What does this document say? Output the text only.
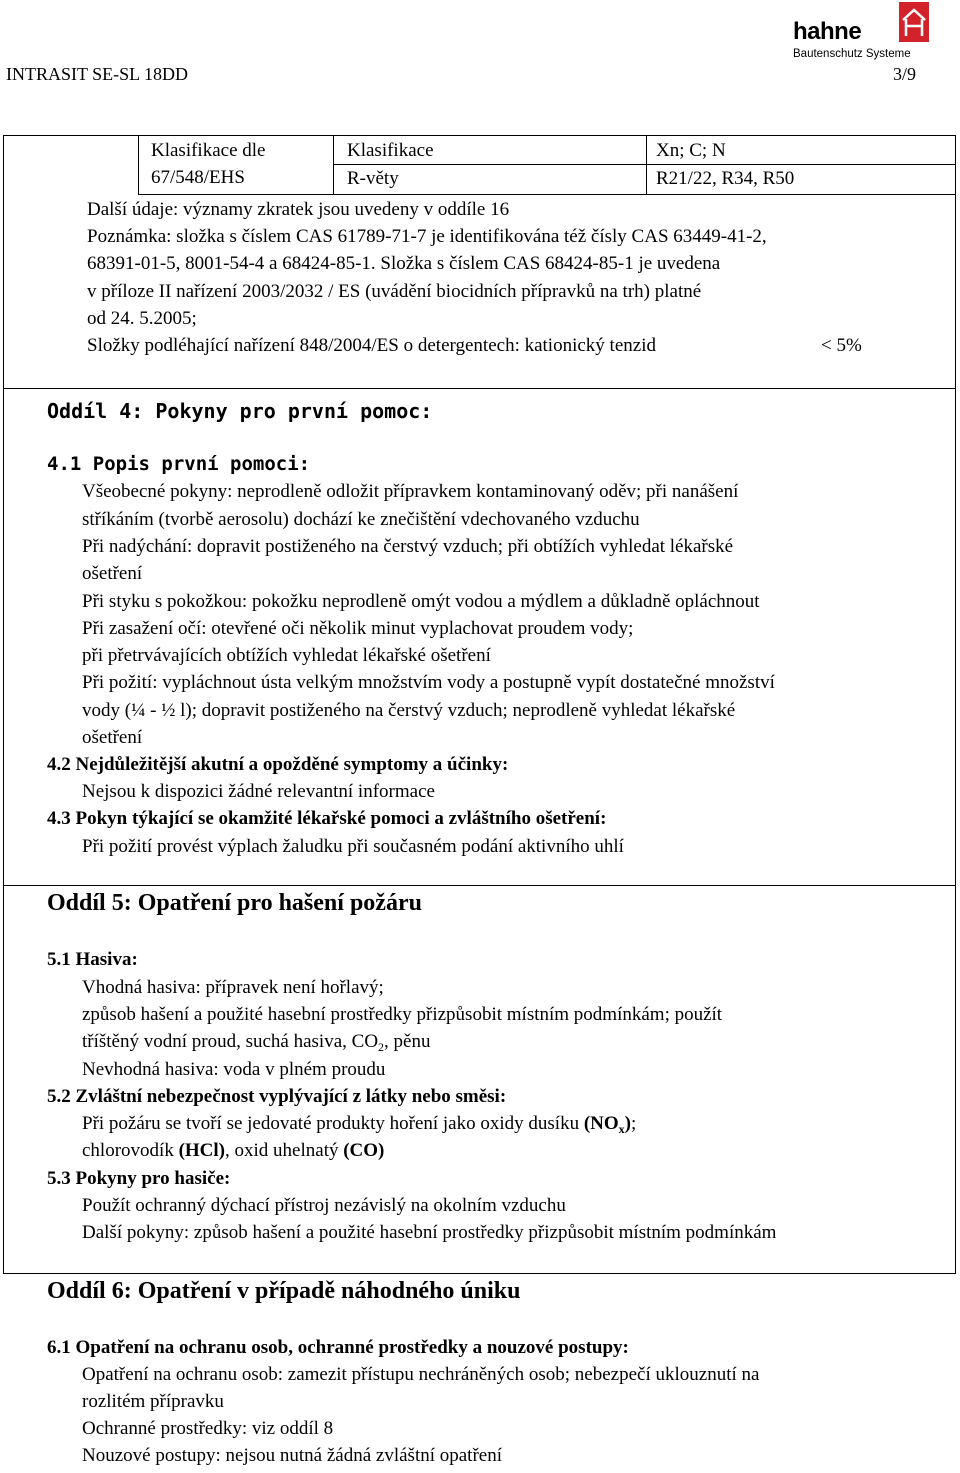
INTRASIT SE-SL 18DD	3/9
hahne
Bautenschutz Systeme
Klasifikace dle
67/548/EHS
Klasifikace	Xn; C; N
R-věty	R21/22, R34, R50
Další údaje: významy zkratek jsou uvedeny v oddíle 16
Poznámka: složka s číslem CAS 61789-71-7 je identifikována též čísly CAS 63449-41-2,
68391-01-5, 8001-54-4 a 68424-85-1. Složka s číslem CAS 68424-85-1 je uvedena
v příloze II nařízení 2003/2032 / ES (uvádění biocidních přípravků na trh) platné
od 24. 5.2005;
Složky podléhající nařízení 848/2004/ES o detergentech: kationický tenzid	< 5%
Oddíl 4: Pokyny pro první pomoc:
4.1 Popis první pomoci:
Všeobecné pokyny: neprodleně odložit přípravkem kontaminovaný oděv; při nanášení
stříkáním (tvorbě aerosolu) dochází ke znečištění vdechovaného vzduchu
Při nadýchání: dopravit postiženého na čerstvý vzduch; při obtížích vyhledat lékařské
ošetření
Při styku s pokožkou: pokožku neprodleně omýt vodou a mýdlem a důkladně opláchnout
Při zasažení očí: otevřené oči několik minut vyplachovat proudem vody;
při přetrvávajících obtížích vyhledat lékařské ošetření
Při požití: vypláchnout ústa velkým množstvím vody a postupně vypít dostatečné množství
vody (¼ - ½ l); dopravit postiženého na čerstvý vzduch; neprodleně vyhledat lékařské
ošetření
4.2 Nejdůležitější akutní a opožděné symptomy a účinky:
Nejsou k dispozici žádné relevantní informace
4.3 Pokyn týkající se okamžité lékařské pomoci a zvláštního ošetření:
Při požití provést výplach žaludku při současném podání aktivního uhlí
Oddíl 5: Opatření pro hašení požáru
5.1 Hasiva:
Vhodná hasiva: přípravek není hořlavý;
způsob hašení a použité hasební prostředky přizpůsobit místním podmínkám; použít
tříštěný vodní proud, suchá hasiva, $CO_2$, pěnu
Nevhodná hasiva: voda v plném proudu
5.2 Zvláštní nebezpečnost vyplývající z látky nebo směsi:
Při požáru se tvoří se jedovaté produkty hoření jako oxidy dusíku $(NO_x)$;
chlorovodík (HCl), oxid uhelnatý (CO)
5.3 Pokyny pro hasiče:
Použít ochranný dýchací přístroj nezávislý na okolním vzduchu
Další pokyny: způsob hašení a použité hasební prostředky přizpůsobit místním podmínkám
Oddíl 6: Opatření v případě náhodného úniku
6.1 Opatření na ochranu osob, ochranné prostředky a nouzové postupy:
Opatření na ochranu osob: zamezit přístupu nechráněných osob; nebezpečí uklouznutí na
rozlitém přípravku
Ochranné prostředky: viz oddíl 8
Nouzové postupy: nejsou nutná žádná zvláštní opatření
